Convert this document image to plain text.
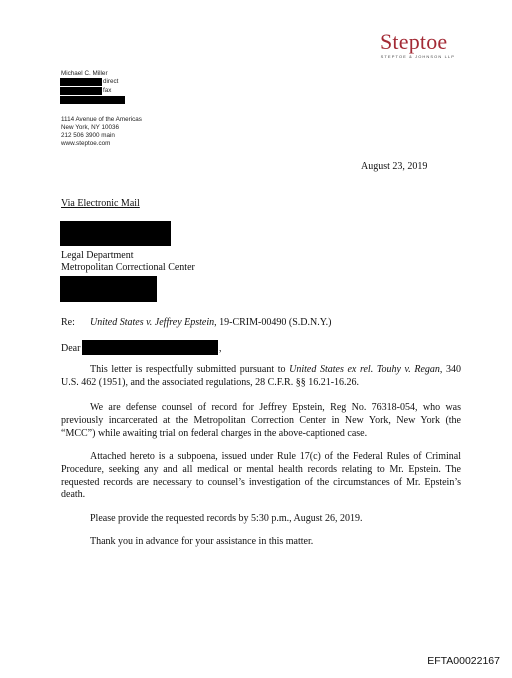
Steptoe
STEPTOE & JOHNSON LLP
Michael C. Miller
direct
fax
1114 Avenue of the Americas
New York, NY 10036
212 506 3900 main
www.steptoe.com
August 23, 2019
Via Electronic Mail
Legal Department
Metropolitan Correctional Center
Re: United States v. Jeffrey Epstein, 19-CRIM-00490 (S.D.N.Y.)
Dear	,
This letter is respectfully submitted pursuant to United States ex rel. Touhy v. Regan, 340 U.S. 462 (1951), and the associated regulations, 28 C.F.R. §§ 16.21-16.26.
We are defense counsel of record for Jeffrey Epstein, Reg No. 76318-054, who was previously incarcerated at the Metropolitan Correction Center in New York, New York (the “MCC”) while awaiting trial on federal charges in the above-captioned case.
Attached hereto is a subpoena, issued under Rule 17(c) of the Federal Rules of Criminal Procedure, seeking any and all medical or mental health records relating to Mr. Epstein. The requested records are necessary to counsel’s investigation of the circumstances of Mr. Epstein’s death.
Please provide the requested records by 5:30 p.m., August 26, 2019.
Thank you in advance for your assistance in this matter.
EFTA00022167
